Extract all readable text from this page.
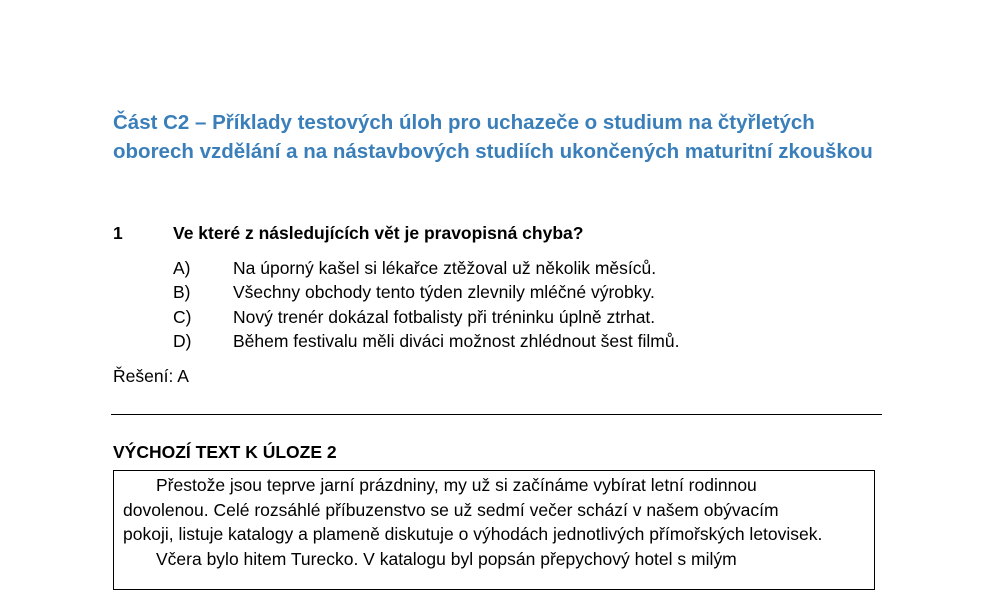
Část C2 – Příklady testových úloh pro uchazeče o studium na čtyřletých oborech vzdělání a na nástavbových studiích ukončených maturitní zkouškou
1	Ve které z následujících vět je pravopisná chyba?
A)	Na úporný kašel si lékařce ztěžoval už několik měsíců.
B)	Všechny obchody tento týden zlevnily mléčné výrobky.
C)	Nový trenér dokázal fotbalisty při tréninku úplně ztrhat.
D)	Během festivalu měli diváci možnost zhlédnout šest filmů.
Řešení: A
VÝCHOZÍ TEXT K ÚLOZE 2

Přestože jsou teprve jarní prázdniny, my už si začínáme vybírat letní rodinnou

dovolenou. Celé rozsáhlé příbuzenstvo se už sedmí večer schází v našem obývacím
pokoji, listuje katalogy a plameně diskutuje o výhodách jednotlivých přímořských letovisek.

Včera bylo hitem Turecko. V katalogu byl popsán přepychový hotel s milým
